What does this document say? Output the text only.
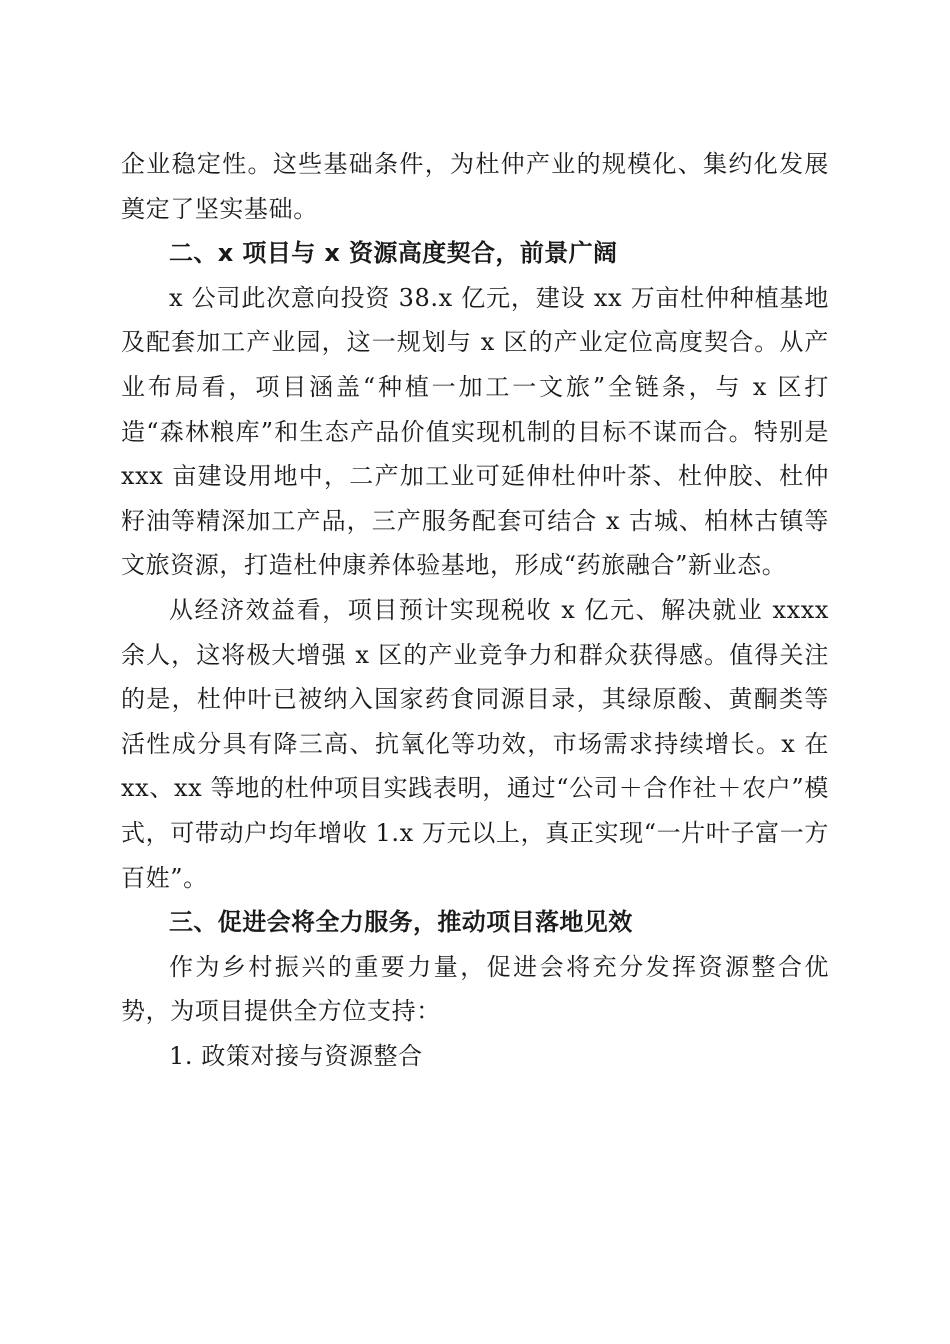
企业稳定性。这些基础条件，为杜仲产业的规模化、集约化发展奠定了坚实基础。

二、x 项目与 x 资源高度契合，前景广阔

x 公司此次意向投资 38.x 亿元，建设 xx 万亩杜仲种植基地及配套加工产业园，这一规划与 x 区的产业定位高度契合。从产业布局看，项目涵盖“种植一加工一文旅”全链条，与 x 区打造“森林粮库”和生态产品价值实现机制的目标不谋而合。特别是 xxx 亩建设用地中，二产加工业可延伸杜仲叶茶、杜仲胶、杜仲籽油等精深加工产品，三产服务配套可结合 x 古城、柏林古镇等文旅资源，打造杜仲康养体验基地，形成“药旅融合”新业态。

从经济效益看，项目预计实现税收 x 亿元、解决就业 xxxx 余人，这将极大增强 x 区的产业竞争力和群众获得感。值得关注的是，杜仲叶已被纳入国家药食同源目录，其绿原酸、黄酮类等活性成分具有降三高、抗氧化等功效，市场需求持续增长。x 在 xx、xx 等地的杜仲项目实践表明，通过“公司＋合作社＋农户”模式，可带动户均年增收 1.x 万元以上，真正实现“一片叶子富一方百姓”。

三、促进会将全力服务，推动项目落地见效

作为乡村振兴的重要力量，促进会将充分发挥资源整合优势，为项目提供全方位支持：

1. 政策对接与资源整合
